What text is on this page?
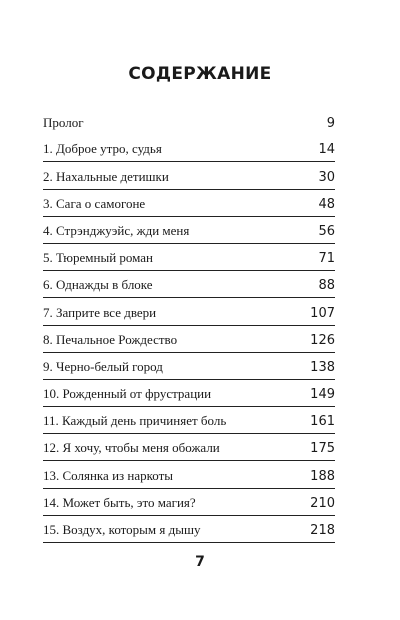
СОДЕРЖАНИЕ
Пролог	9
1. Доброе утро, судья	14
2. Нахальные детишки	30
3. Сага о самогоне	48
4. Стрэнджуэйс, жди меня	56
5. Тюремный роман	71
6. Однажды в блоке	88
7. Заприте все двери	107
8. Печальное Рождество	126
9. Черно-белый город	138
10. Рожденный от фрустрации	149
11. Каждый день причиняет боль	161
12. Я хочу, чтобы меня обожали	175
13. Солянка из наркоты	188
14. Может быть, это магия?	210
15. Воздух, которым я дышу	218
7
